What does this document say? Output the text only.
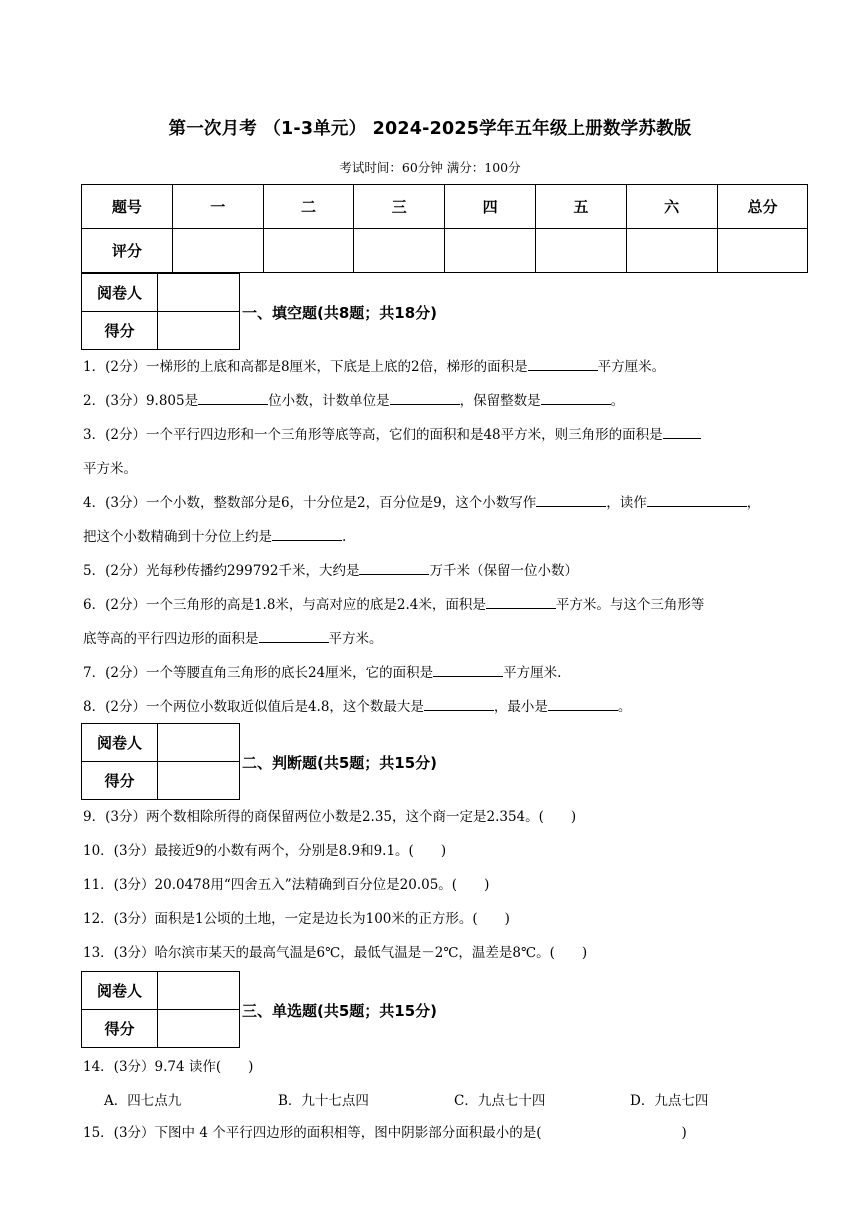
第一次月考 （1-3单元） 2024-2025学年五年级上册数学苏教版
考试时间：60分钟 满分：100分
题号	一	二	三	四	五	六	总分
评分							
阅卷人	
得分	
一、填空题(共8题；共18分)
1．(2分）一梯形的上底和高都是8厘米，下底是上底的2倍，梯形的面积是	平方厘米。
2．(3分）9.805是	位小数，计数单位是	，保留整数是	。
3．(2分）一个平行四边形和一个三角形等底等高，它们的面积和是48平方米，则三角形的面积是
平方米。
4．(3分）一个小数，整数部分是6，十分位是2，百分位是9，这个小数写作	，读作	，
把这个小数精确到十分位上约是	.
5．(2分）光每秒传播约299792千米，大约是	万千米（保留一位小数）
6．(2分）一个三角形的高是1.8米，与高对应的底是2.4米，面积是	平方米。与这个三角形等
底等高的平行四边形的面积是	平方米。
7．(2分）一个等腰直角三角形的底长24厘米，它的面积是	平方厘米.
8．(2分）一个两位小数取近似值后是4.8，这个数最大是	，最小是	。
阅卷人	
得分	
二、判断题(共5题；共15分)
9．(3分）两个数相除所得的商保留两位小数是2.35，这个商一定是2.354。(　　)
10．(3分）最接近9的小数有两个，分别是8.9和9.1。(　　)
11．(3分）20.0478用“四舍五入”法精确到百分位是20.05。(　　)
12．(3分）面积是1公顷的土地，一定是边长为100米的正方形。(　　)
13．(3分）哈尔滨市某天的最高气温是6℃，最低气温是－2℃，温差是8℃。(　　)
阅卷人	
得分	
三、单选题(共5题；共15分)
14．(3分）9.74 读作(　　)
A．四七点九	B．九十七点四	C．九点七十四	D．九点七四
15．(3分）下图中 4 个平行四边形的面积相等，图中阴影部分面积最小的是(	)
